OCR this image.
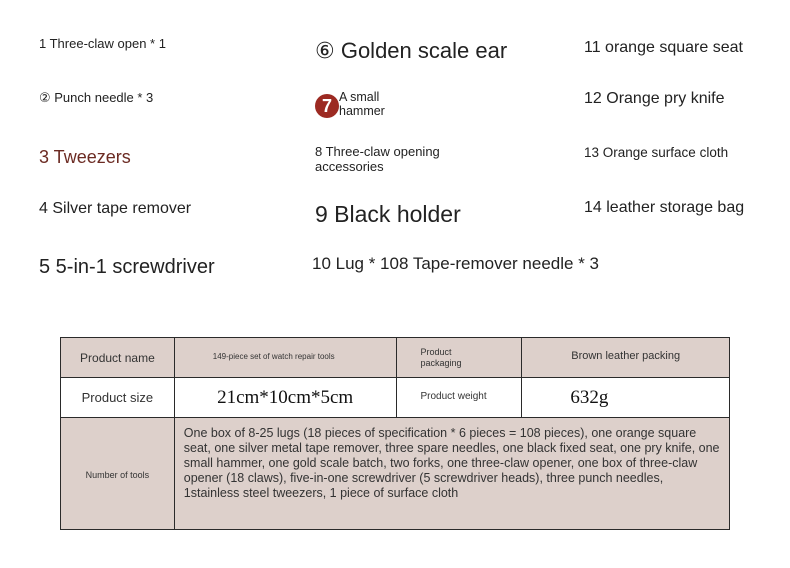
1 Three-claw open * 1
② Punch needle * 3
3 Tweezers
4 Silver tape remover
5 5-in-1 screwdriver
⑥ Golden scale ear
7 A small hammer
8 Three-claw opening accessories
9 Black holder
10 Lug * 108 Tape-remover needle * 3
11 orange square seat
12 Orange pry knife
13 Orange surface cloth
14 leather storage bag
Product name	149-piece set of watch repair tools	Product packaging	Brown leather packing
Product size	21cm*10cm*5cm	Product weight	632g
Number of tools	One box of 8-25 lugs (18 pieces of specification * 6 pieces = 108 pieces), one orange square seat, one silver metal tape remover, three spare needles, one black fixed seat, one pry knife, one small hammer, one gold scale batch, two forks, one three-claw opener, one box of three-claw opener (18 claws), five-in-one screwdriver (5 screwdriver heads), three punch needles, 1stainless steel tweezers, 1 piece of surface cloth		
